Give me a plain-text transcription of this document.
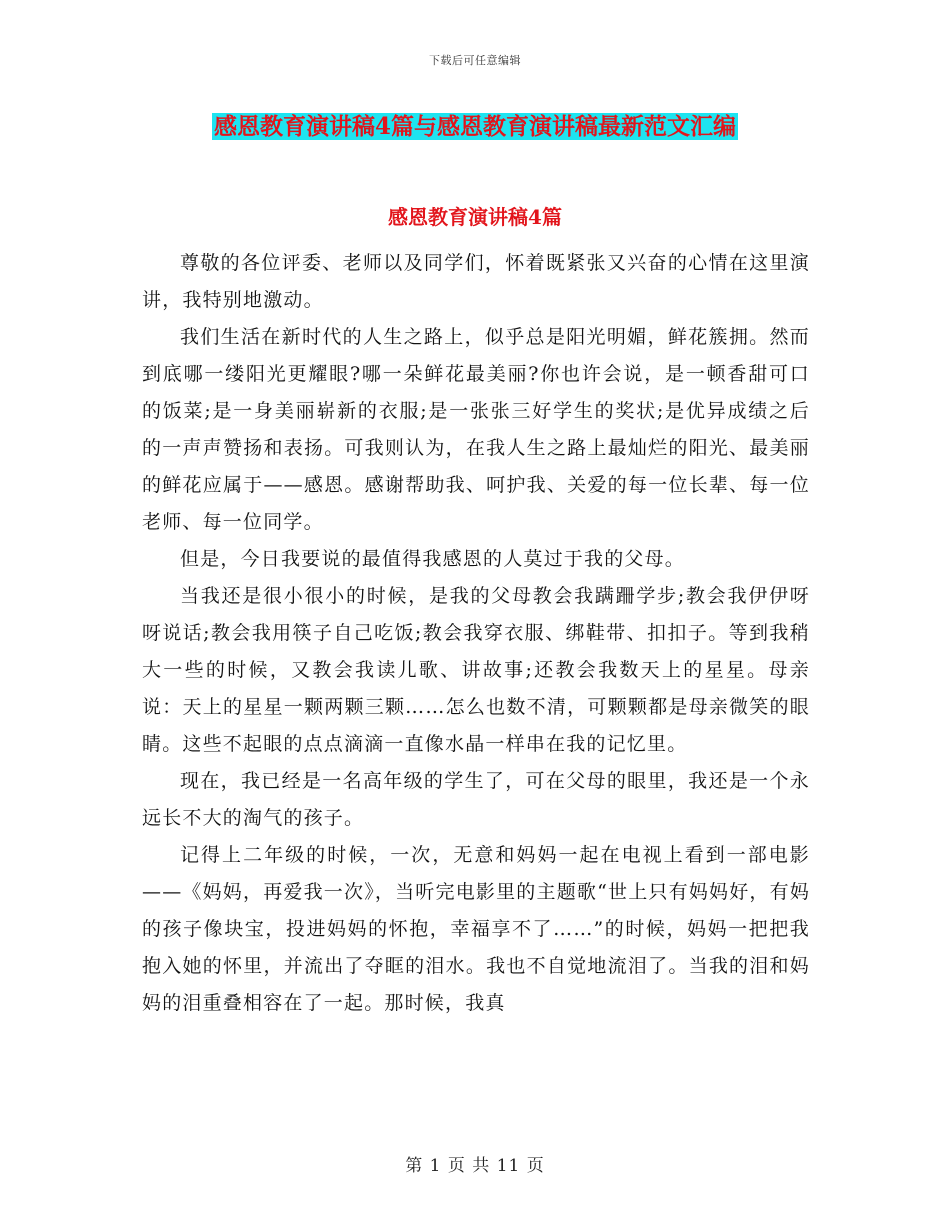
下载后可任意编辑
感恩教育演讲稿4篇与感恩教育演讲稿最新范文汇编
感恩教育演讲稿4篇

尊敬的各位评委、老师以及同学们，怀着既紧张又兴奋的心情在这里演讲，我特别地激动。

我们生活在新时代的人生之路上，似乎总是阳光明媚，鲜花簇拥。然而到底哪一缕阳光更耀眼?哪一朵鲜花最美丽?你也许会说，是一顿香甜可口的饭菜;是一身美丽崭新的衣服;是一张张三好学生的奖状;是优异成绩之后的一声声赞扬和表扬。可我则认为，在我人生之路上最灿烂的阳光、最美丽的鲜花应属于——感恩。感谢帮助我、呵护我、关爱的每一位长辈、每一位老师、每一位同学。

但是，今日我要说的最值得我感恩的人莫过于我的父母。

当我还是很小很小的时候，是我的父母教会我蹒跚学步;教会我伊伊呀呀说话;教会我用筷子自己吃饭;教会我穿衣服、绑鞋带、扣扣子。等到我稍大一些的时候，又教会我读儿歌、讲故事;还教会我数天上的星星。母亲说：天上的星星一颗两颗三颗……怎么也数不清，可颗颗都是母亲微笑的眼睛。这些不起眼的点点滴滴一直像水晶一样串在我的记忆里。

现在，我已经是一名高年级的学生了，可在父母的眼里，我还是一个永远长不大的淘气的孩子。

记得上二年级的时候，一次，无意和妈妈一起在电视上看到一部电影——《妈妈，再爱我一次》，当听完电影里的主题歌“世上只有妈妈好，有妈的孩子像块宝，投进妈妈的怀抱，幸福享不了……”的时候，妈妈一把把我抱入她的怀里，并流出了夺眶的泪水。我也不自觉地流泪了。当我的泪和妈妈的泪重叠相容在了一起。那时候，我真

第 1 页 共 11 页
